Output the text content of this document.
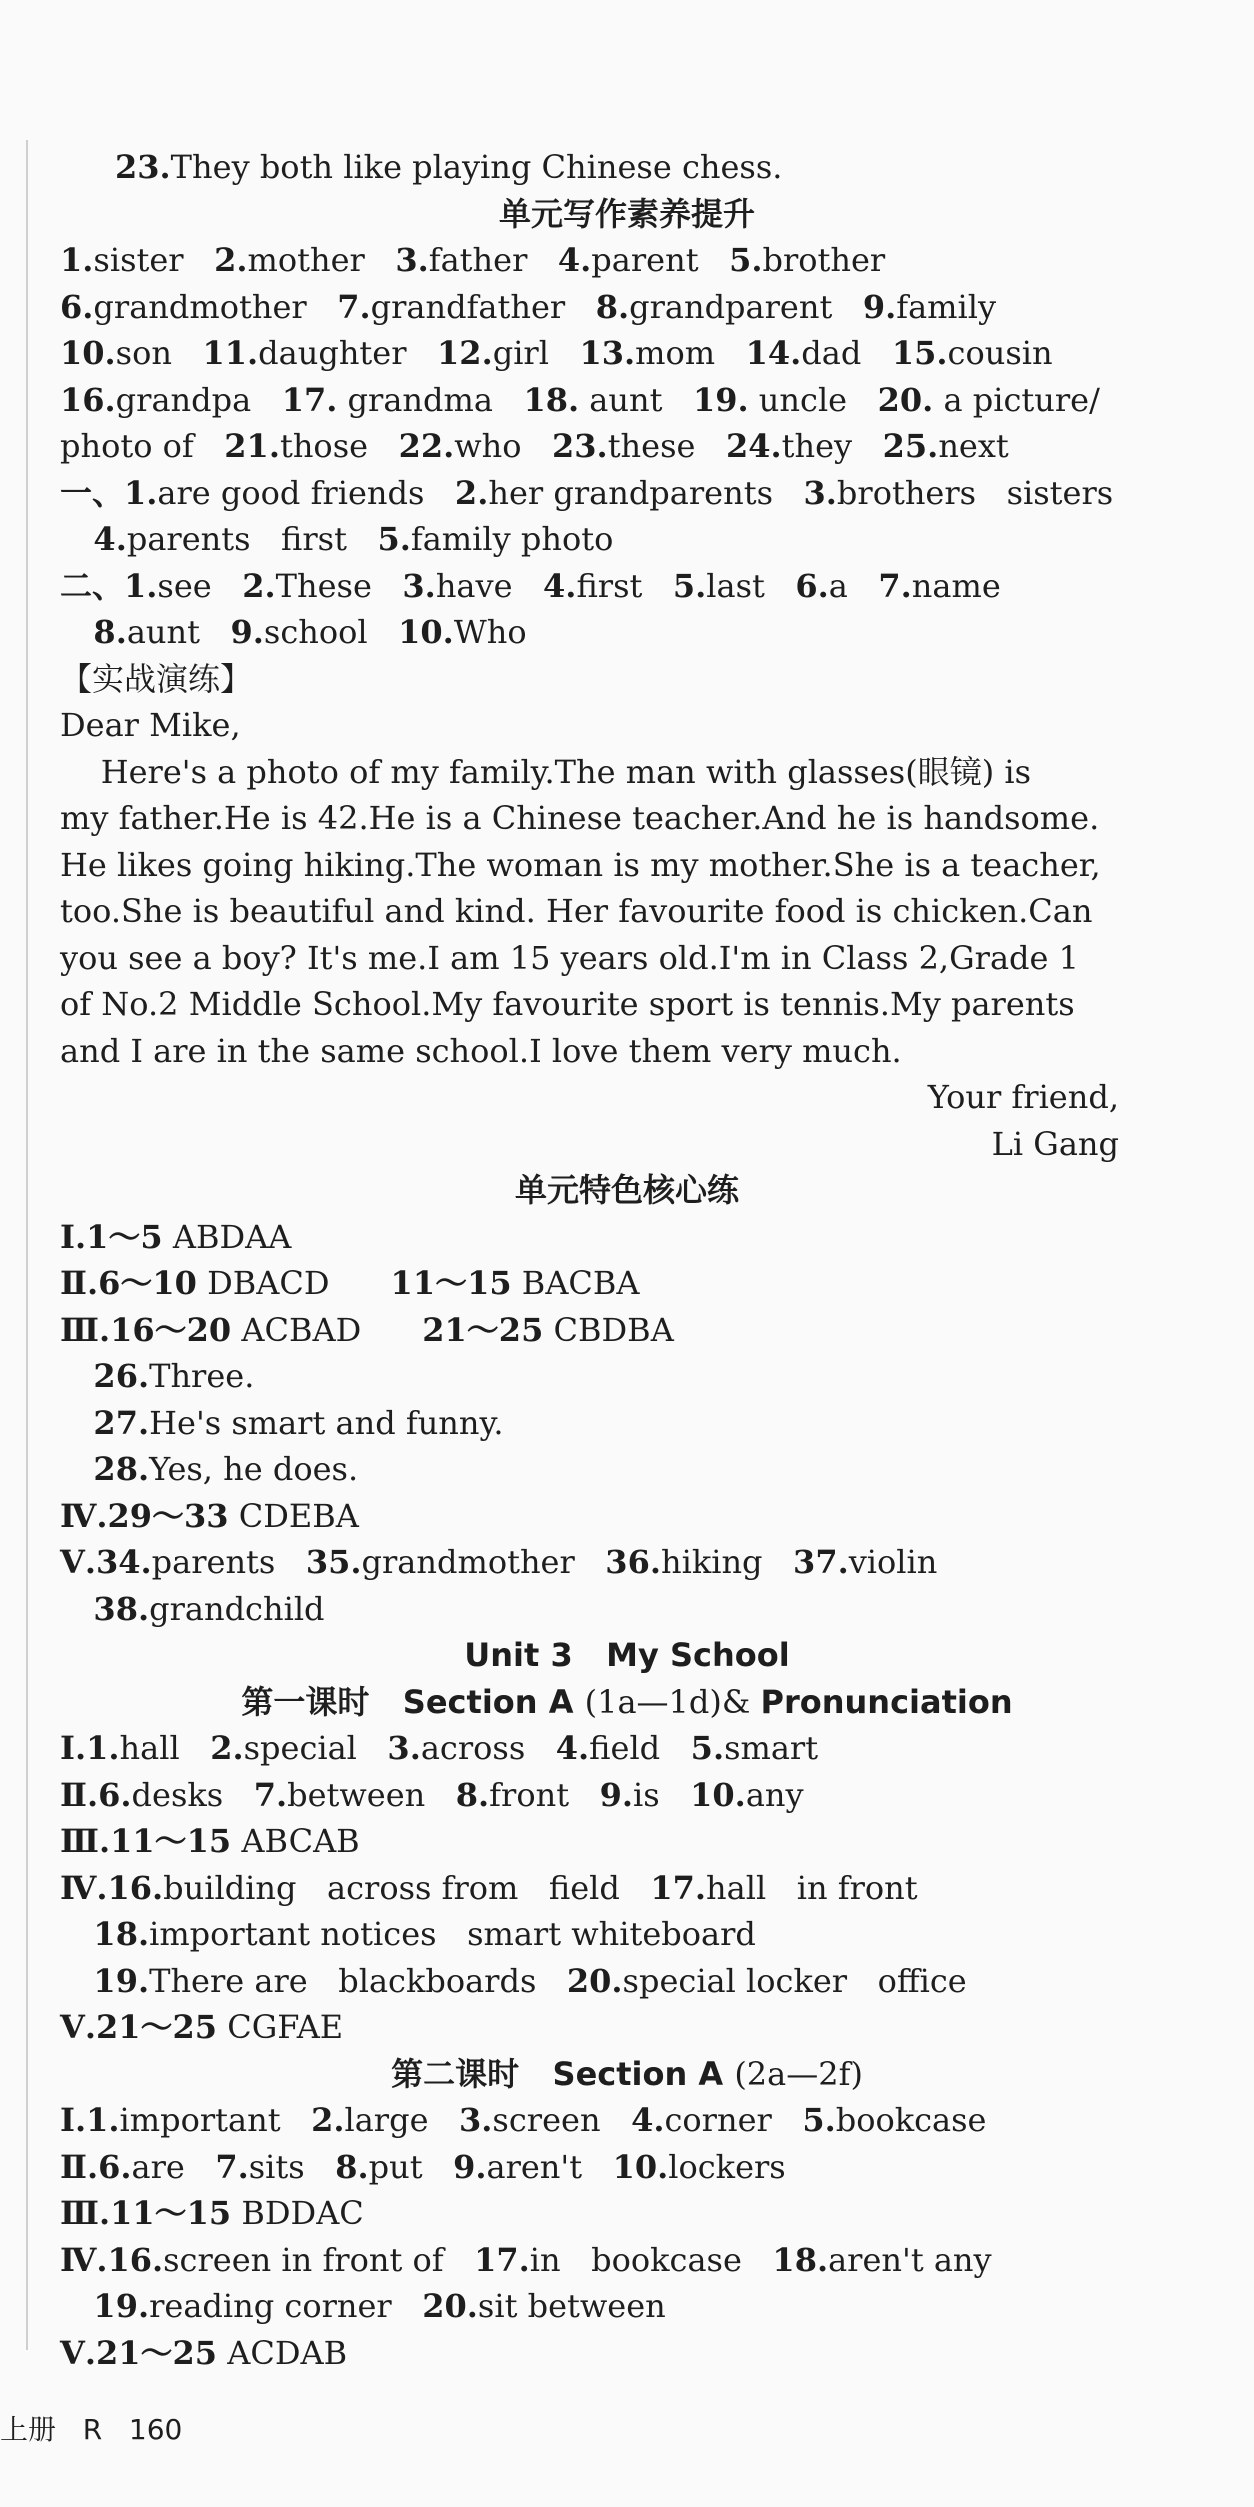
23.They both like playing Chinese chess.
单元写作素养提升
1.sister 2.mother 3.father 4.parent 5.brother
6.grandmother 7.grandfather 8.grandparent 9.family
10.son 11.daughter 12.girl 13.mom 14.dad 15.cousin
16.grandpa 17. grandma 18. aunt 19. uncle 20. a picture/
photo of 21.those 22.who 23.these 24.they 25.next
一、1.are good friends 2.her grandparents 3.brothers   sisters
4.parents   first 5.family photo
二、1.see 2.These 3.have 4.first 5.last 6.a 7.name
8.aunt 9.school 10.Who
【实战演练】
Dear Mike,
Here's a photo of my family.The man with glasses(眼镜) is
my father.He is 42.He is a Chinese teacher.And he is handsome.
He likes going hiking.The woman is my mother.She is a teacher,
too.She is beautiful and kind. Her favourite food is chicken.Can
you see a boy? It's me.I am 15 years old.I'm in Class 2,Grade 1
of No.2 Middle School.My favourite sport is tennis.My parents
and I are in the same school.I love them very much.
Your friend,
Li Gang
单元特色核心练
Ⅰ.1～5 ABDAA
Ⅱ.6～10 DBACD      11～15 BACBA
Ⅲ.16～20 ACBAD      21～25 CBDBA
26.Three.
27.He's smart and funny.
28.Yes, he does.
Ⅳ.29～33 CDEBA
Ⅴ.34.parents 35.grandmother 36.hiking 37.violin
38.grandchild
Unit 3   My School
第一课时   Section A (1a—1d)& Pronunciation
Ⅰ.1.hall 2.special 3.across 4.field 5.smart
Ⅱ.6.desks 7.between 8.front 9.is 10.any
Ⅲ.11～15 ABCAB
Ⅳ.16.building   across from   field 17.hall   in front
18.important notices   smart whiteboard
19.There are   blackboards 20.special locker   office
Ⅴ.21～25 CGFAE
第二课时   Section A (2a—2f)
Ⅰ.1.important 2.large 3.screen 4.corner 5.bookcase
Ⅱ.6.are 7.sits 8.put 9.aren't 10.lockers
Ⅲ.11～15 BDDAC
Ⅳ.16.screen in front of 17.in   bookcase 18.aren't any
19.reading corner 20.sit between
Ⅴ.21～25 ACDAB
上册 R 160
